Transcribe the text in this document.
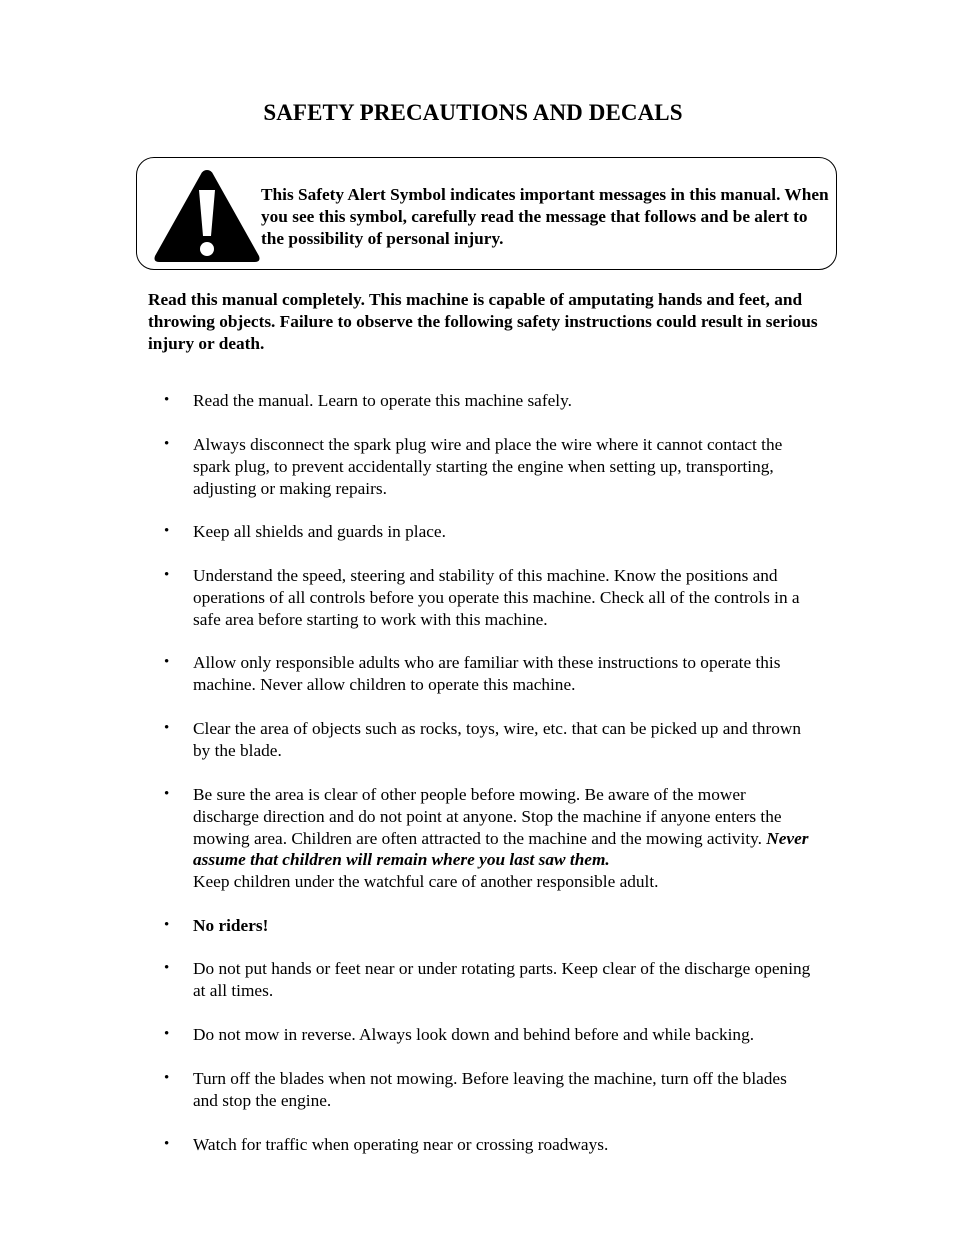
SAFETY PRECAUTIONS AND DECALS
This Safety Alert Symbol indicates important messages in this manual. When you see this symbol, carefully read the message that follows and be alert to the possibility of personal injury.
Read this manual completely. This machine is capable of amputating hands and feet, and throwing objects. Failure to observe the following safety instructions could result in serious injury or death.
• Read the manual. Learn to operate this machine safely.
• Always disconnect the spark plug wire and place the wire where it cannot contact the spark plug, to prevent accidentally starting the engine when setting up, transporting, adjusting or making repairs.
• Keep all shields and guards in place.
• Understand the speed, steering and stability of this machine. Know the positions and operations of all controls before you operate this machine. Check all of the controls in a safe area before starting to work with this machine.
• Allow only responsible adults who are familiar with these instructions to operate this machine. Never allow children to operate this machine.
• Clear the area of objects such as rocks, toys, wire, etc. that can be picked up and thrown by the blade.
• Be sure the area is clear of other people before mowing. Be aware of the mower discharge direction and do not point at anyone. Stop the machine if anyone enters the mowing area. Children are often attracted to the machine and the mowing activity. Never assume that children will remain where you last saw them.
Keep children under the watchful care of another responsible adult.
• No riders!
• Do not put hands or feet near or under rotating parts. Keep clear of the discharge opening at all times.
• Do not mow in reverse. Always look down and behind before and while backing.
• Turn off the blades when not mowing. Before leaving the machine, turn off the blades and stop the engine.
• Watch for traffic when operating near or crossing roadways.
